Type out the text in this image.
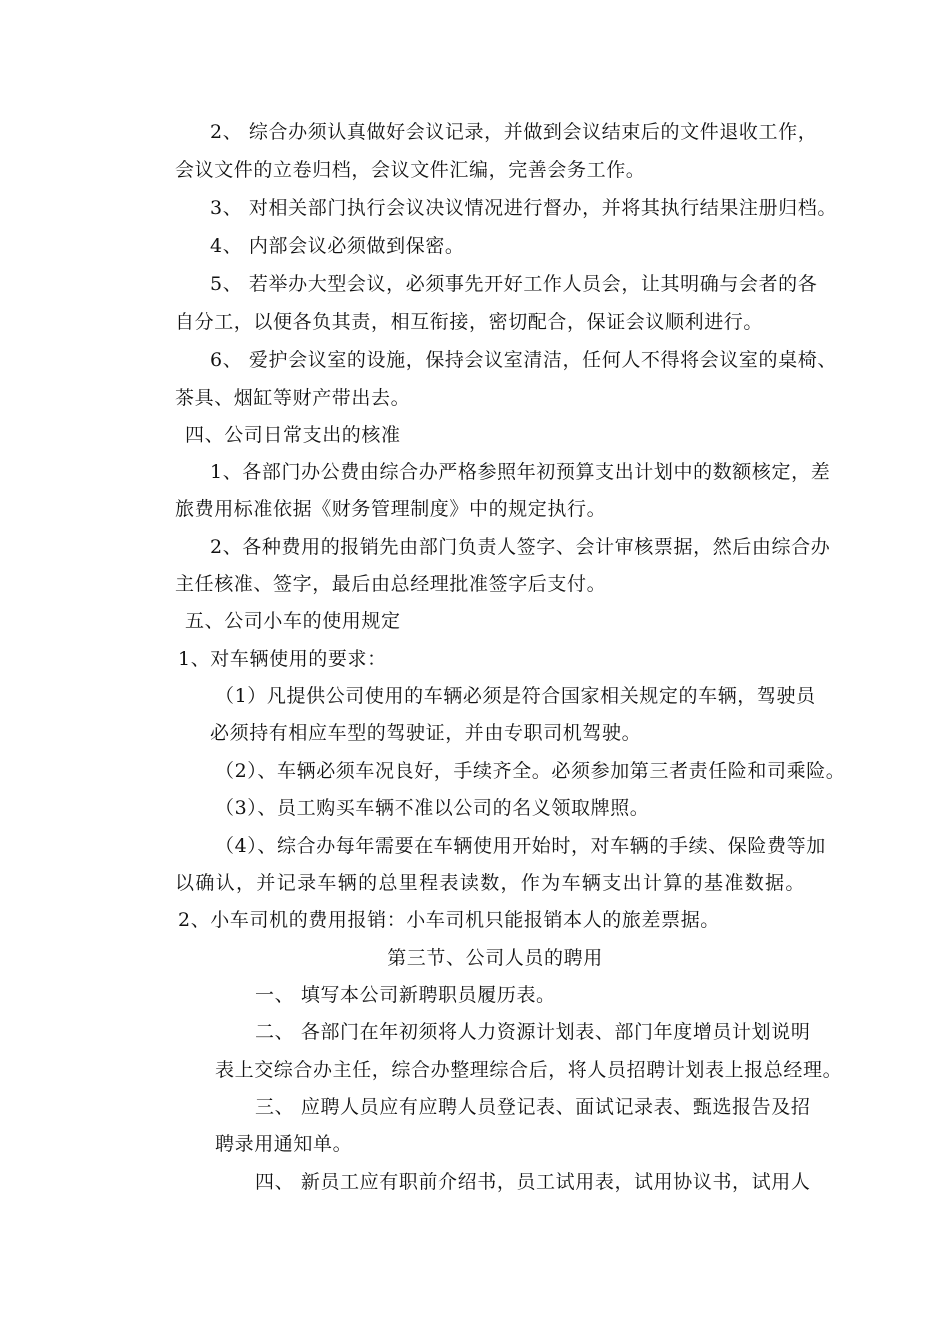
2、 综合办须认真做好会议记录，并做到会议结束后的文件退收工作，
会议文件的立卷归档，会议文件汇编，完善会务工作。
3、 对相关部门执行会议决议情况进行督办，并将其执行结果注册归档。
4、 内部会议必须做到保密。
5、 若举办大型会议，必须事先开好工作人员会，让其明确与会者的各
自分工，以便各负其责，相互衔接，密切配合，保证会议顺利进行。
6、 爱护会议室的设施，保持会议室清洁，任何人不得将会议室的桌椅、
茶具、烟缸等财产带出去。
四、公司日常支出的核准
1、各部门办公费由综合办严格参照年初预算支出计划中的数额核定，差
旅费用标准依据《财务管理制度》中的规定执行。
2、各种费用的报销先由部门负责人签字、会计审核票据，然后由综合办
主任核准、签字，最后由总经理批准签字后支付。
五、公司小车的使用规定
1、对车辆使用的要求：
（1）凡提供公司使用的车辆必须是符合国家相关规定的车辆，驾驶员
必须持有相应车型的驾驶证，并由专职司机驾驶。
（2）、车辆必须车况良好，手续齐全。必须参加第三者责任险和司乘险。
（3）、员工购买车辆不准以公司的名义领取牌照。
（4）、综合办每年需要在车辆使用开始时，对车辆的手续、保险费等加
以确认，并记录车辆的总里程表读数，作为车辆支出计算的基准数据。
2、小车司机的费用报销：小车司机只能报销本人的旅差票据。
第三节、公司人员的聘用
一、 填写本公司新聘职员履历表。
二、 各部门在年初须将人力资源计划表、部门年度增员计划说明
表上交综合办主任，综合办整理综合后，将人员招聘计划表上报总经理。
三、 应聘人员应有应聘人员登记表、面试记录表、甄选报告及招
聘录用通知单。
四、 新员工应有职前介绍书，员工试用表，试用协议书，试用人
